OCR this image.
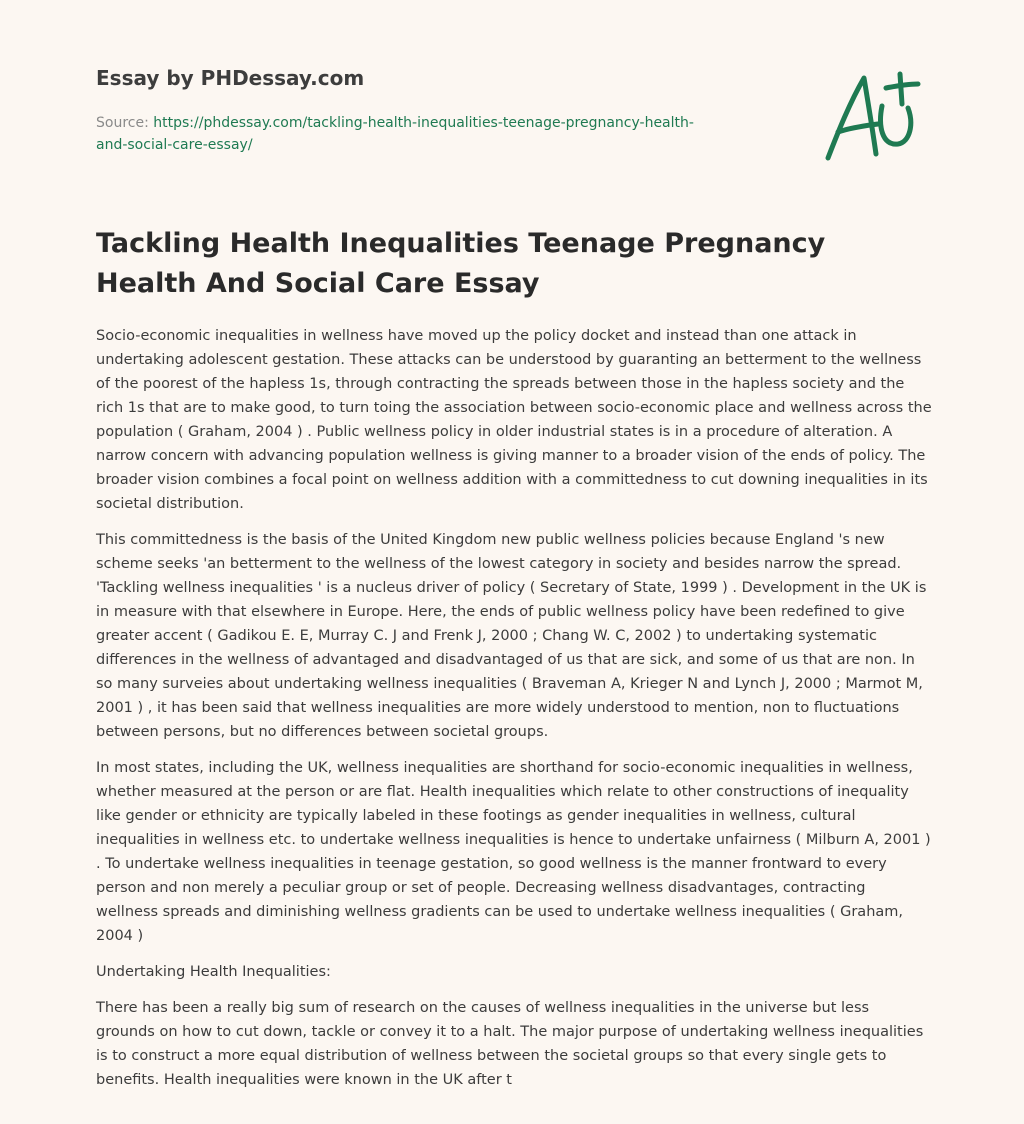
Essay by PHDessay.com

Source: https://phdessay.com/tackling-health-inequalities-teenage-pregnancy-health-
and-social-care-essay/

Tackling Health Inequalities Teenage Pregnancy Health And Social Care Essay

Socio-economic inequalities in wellness have moved up the policy docket and instead than one attack in undertaking adolescent gestation. These attacks can be understood by guaranting an betterment to the wellness of the poorest of the hapless 1s, through contracting the spreads between those in the hapless society and the rich 1s that are to make good, to turn toing the association between socio-economic place and wellness across the population ( Graham, 2004 ) . Public wellness policy in older industrial states is in a procedure of alteration. A narrow concern with advancing population wellness is giving manner to a broader vision of the ends of policy. The broader vision combines a focal point on wellness addition with a committedness to cut downing inequalities in its societal distribution.

This committedness is the basis of the United Kingdom new public wellness policies because England 's new scheme seeks 'an betterment to the wellness of the lowest category in society and besides narrow the spread. 'Tackling wellness inequalities ' is a nucleus driver of policy ( Secretary of State, 1999 ) . Development in the UK is in measure with that elsewhere in Europe. Here, the ends of public wellness policy have been redefined to give greater accent ( Gadikou E. E, Murray C. J and Frenk J, 2000 ; Chang W. C, 2002 ) to undertaking systematic differences in the wellness of advantaged and disadvantaged of us that are sick, and some of us that are non. In so many surveies about undertaking wellness inequalities ( Braveman A, Krieger N and Lynch J, 2000 ; Marmot M, 2001 ) , it has been said that wellness inequalities are more widely understood to mention, non to fluctuations between persons, but no differences between societal groups.

In most states, including the UK, wellness inequalities are shorthand for socio-economic inequalities in wellness, whether measured at the person or are flat. Health inequalities which relate to other constructions of inequality like gender or ethnicity are typically labeled in these footings as gender inequalities in wellness, cultural inequalities in wellness etc. to undertake wellness inequalities is hence to undertake unfairness ( Milburn A, 2001 ) . To undertake wellness inequalities in teenage gestation, so good wellness is the manner frontward to every person and non merely a peculiar group or set of people. Decreasing wellness disadvantages, contracting wellness spreads and diminishing wellness gradients can be used to undertake wellness inequalities ( Graham, 2004 )

Undertaking Health Inequalities:

There has been a really big sum of research on the causes of wellness inequalities in the universe but less grounds on how to cut down, tackle or convey it to a halt. The major purpose of undertaking wellness inequalities is to construct a more equal distribution of wellness between the societal groups so that every single gets to benefits. Health inequalities were known in the UK after t
